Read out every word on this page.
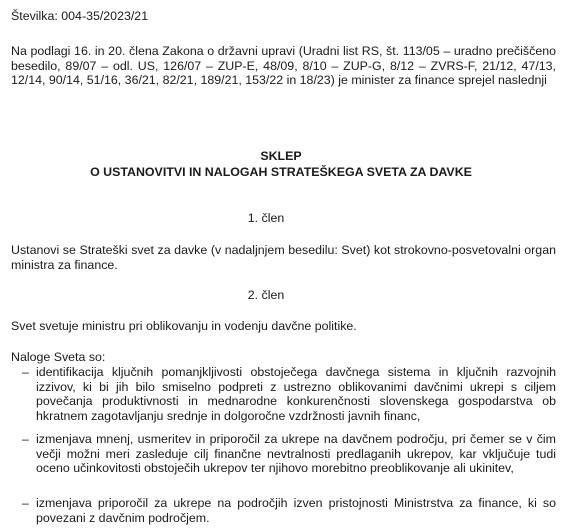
Številka: 004-35/2023/21
Na podlagi 16. in 20. člena Zakona o državni upravi (Uradni list RS, št. 113/05 – uradno prečiščeno besedilo, 89/07 – odl. US, 126/07 – ZUP-E, 48/09, 8/10 – ZUP-G, 8/12 – ZVRS-F, 21/12, 47/13, 12/14, 90/14, 51/16, 36/21, 82/21, 189/21, 153/22 in 18/23) je minister za finance sprejel naslednji
SKLEP
O USTANOVITVI IN NALOGAH STRATEŠKEGA SVETA ZA DAVKE
1. člen
Ustanovi se Strateški svet za davke (v nadaljnjem besedilu: Svet) kot strokovno-posvetovalni organ ministra za finance.
2. člen
Svet svetuje ministru pri oblikovanju in vodenju davčne politike.
Naloge Sveta so:
– identifikacija ključnih pomanjkljivosti obstoječega davčnega sistema in ključnih razvojnih izzivov, ki bi jih bilo smiselno podpreti z ustrezno oblikovanimi davčnimi ukrepi s ciljem povečanja produktivnosti in mednarodne konkurenčnosti slovenskega gospodarstva ob hkratnem zagotavljanju srednje in dolgoročne vzdržnosti javnih financ,
– izmenjava mnenj, usmeritev in priporočil za ukrepe na davčnem področju, pri čemer se v čim večji možni meri zasleduje cilj finančne nevtralnosti predlaganih ukrepov, kar vključuje tudi oceno učinkovitosti obstoječih ukrepov ter njihovo morebitno preoblikovanje ali ukinitev,
– izmenjava priporočil za ukrepe na področjih izven pristojnosti Ministrstva za finance, ki so povezani z davčnim področjem.
